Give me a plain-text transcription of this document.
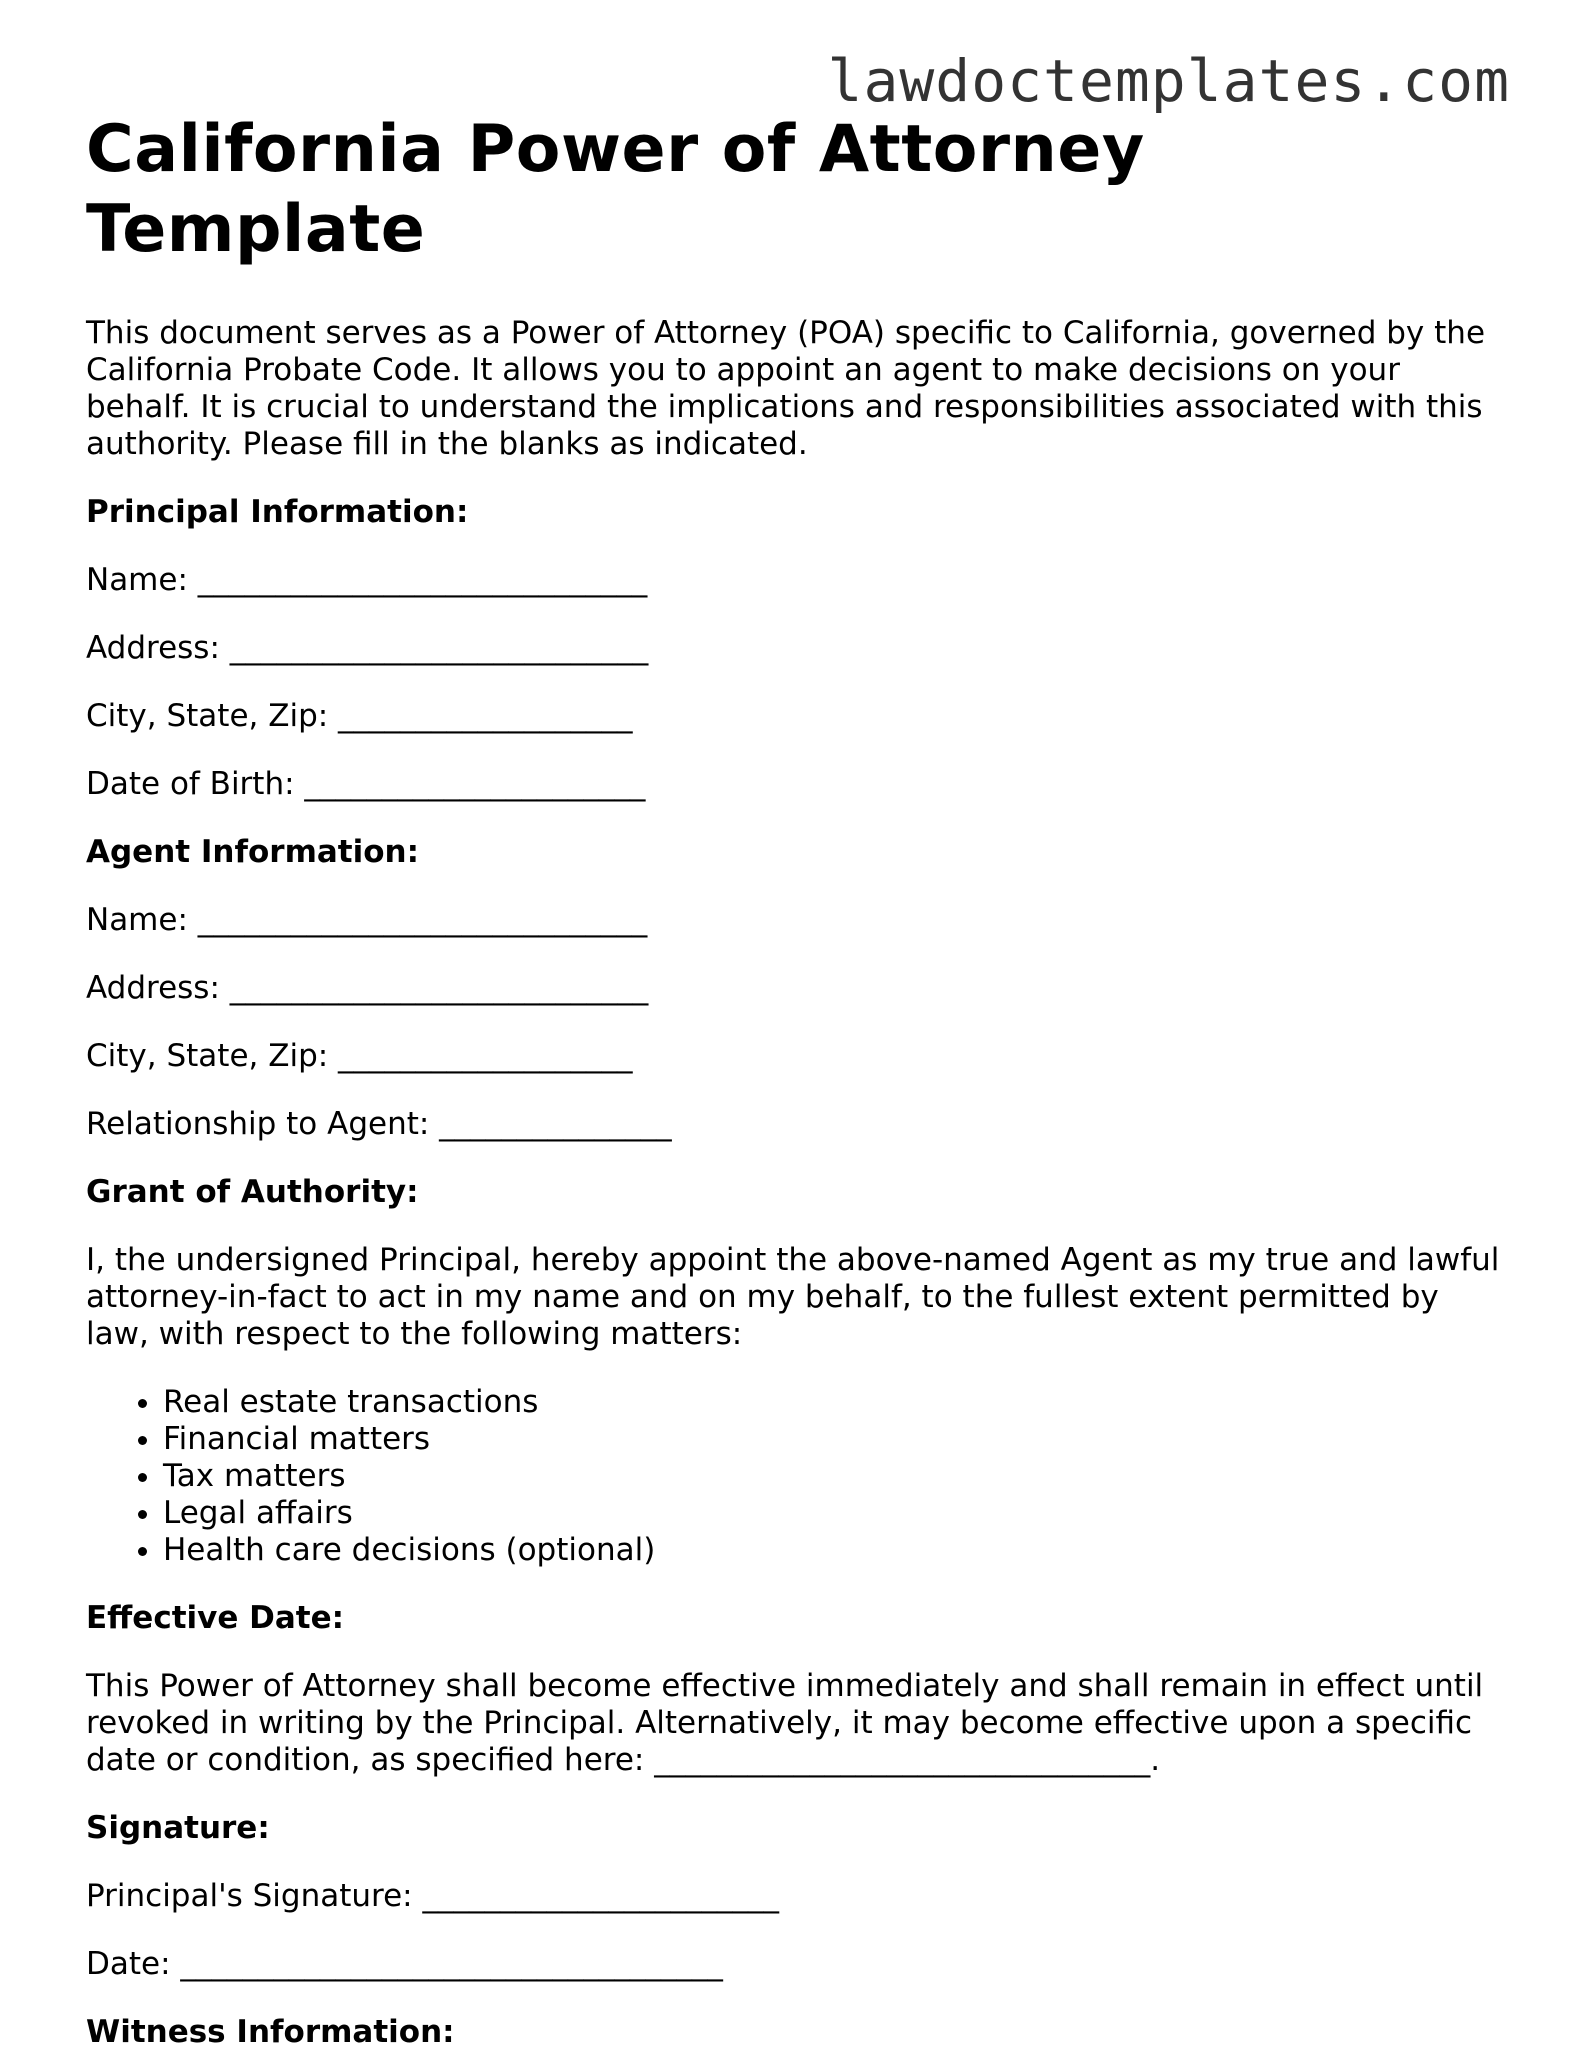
lawdoctemplates.com
California Power of Attorney Template

This document serves as a Power of Attorney (POA) specific to California, governed by the California Probate Code. It allows you to appoint an agent to make decisions on your behalf. It is crucial to understand the implications and responsibilities associated with this authority. Please fill in the blanks as indicated.

Principal Information:

Name: _____________________________

Address: ___________________________

City, State, Zip: ___________________

Date of Birth: ______________________

Agent Information:

Name: _____________________________

Address: ___________________________

City, State, Zip: ___________________

Relationship to Agent: _______________

Grant of Authority:

I, the undersigned Principal, hereby appoint the above-named Agent as my true and lawful attorney-in-fact to act in my name and on my behalf, to the fullest extent permitted by law, with respect to the following matters:

• Real estate transactions
• Financial matters
• Tax matters
• Legal affairs
• Health care decisions (optional)

Effective Date:

This Power of Attorney shall become effective immediately and shall remain in effect until revoked in writing by the Principal. Alternatively, it may become effective upon a specific date or condition, as specified here: ________________________________.

Signature:

Principal's Signature: _______________________

Date: ___________________________________

Witness Information:
